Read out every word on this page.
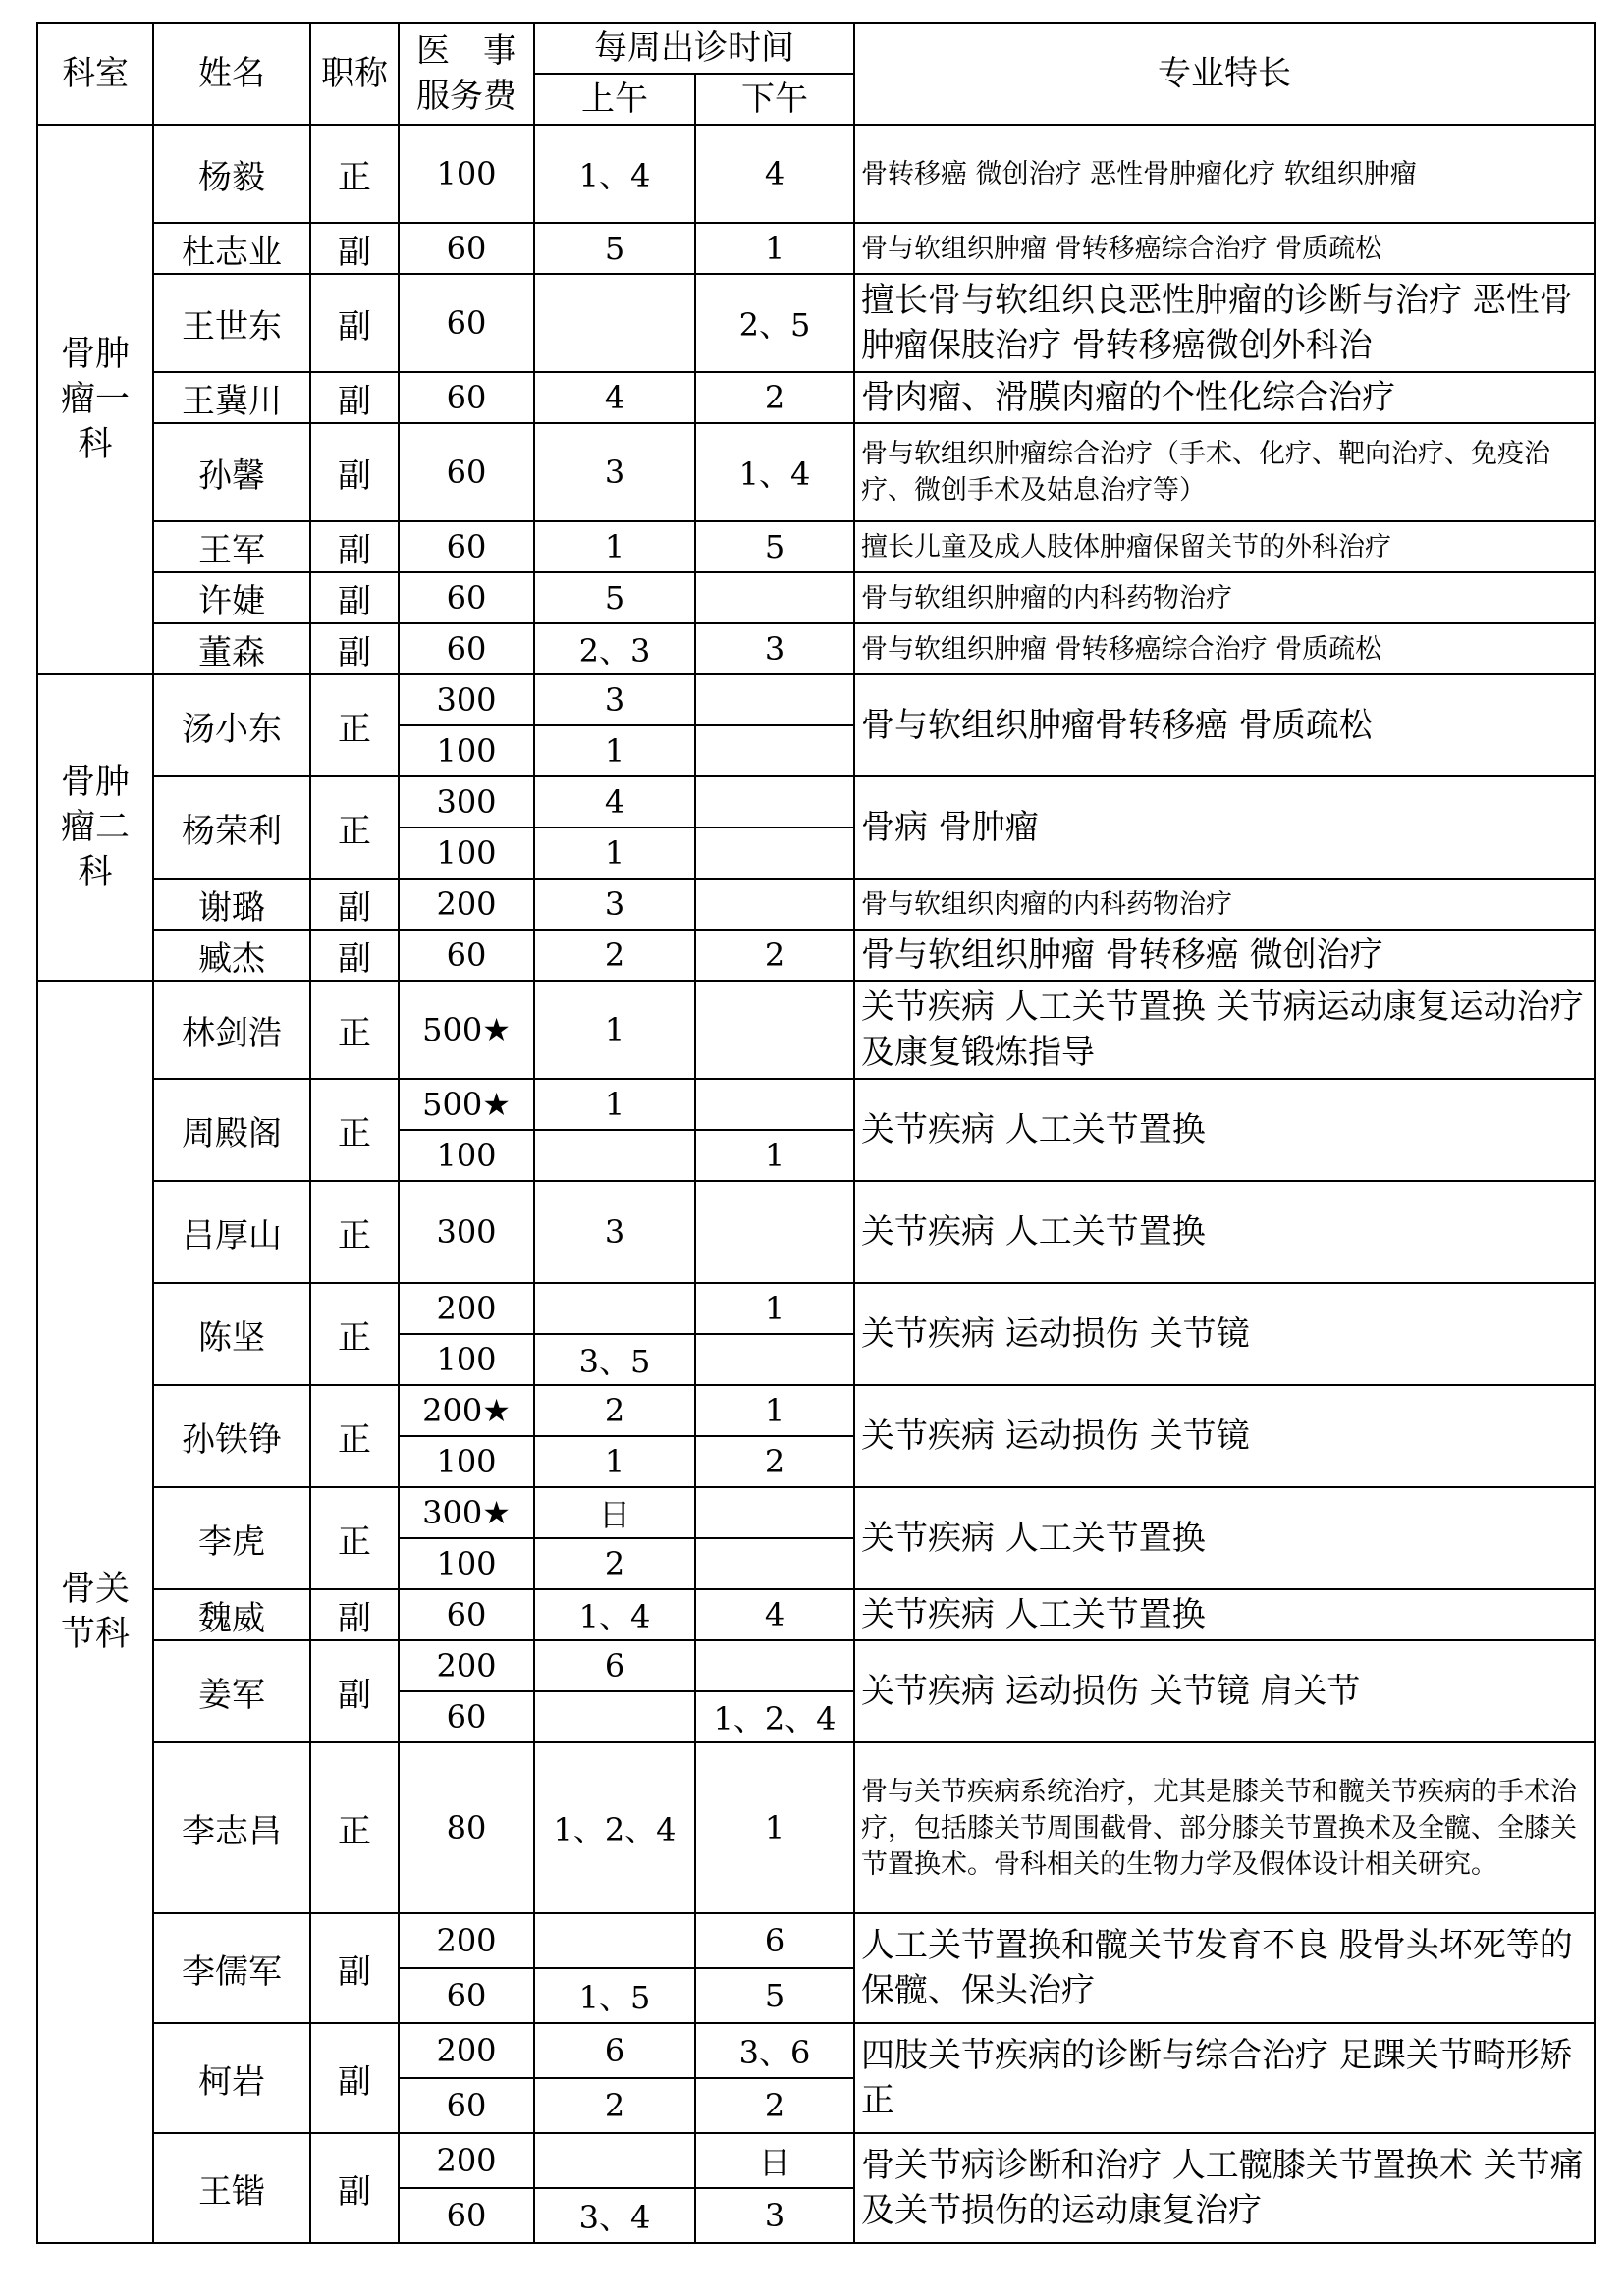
科室	姓名	职称	医　事
服务费	每周出诊时间		专业特长
				上午	下午	
骨肿瘤一科	杨毅	正	100	1、4	4	骨转移癌 微创治疗 恶性骨肿瘤化疗 软组织肿瘤
	杜志业	副	60	5	1	骨与软组织肿瘤 骨转移癌综合治疗 骨质疏松
	王世东	副	60		2、5	擅长骨与软组织良恶性肿瘤的诊断与治疗 恶性骨肿瘤保肢治疗 骨转移癌微创外科治
	王冀川	副	60	4	2	骨肉瘤、滑膜肉瘤的个性化综合治疗
	孙馨	副	60	3	1、4	骨与软组织肿瘤综合治疗（手术、化疗、靶向治疗、免疫治疗、微创手术及姑息治疗等）
	王军	副	60	1	5	擅长儿童及成人肢体肿瘤保留关节的外科治疗
	许婕	副	60	5		骨与软组织肿瘤的内科药物治疗
	董森	副	60	2、3	3	骨与软组织肿瘤 骨转移癌综合治疗 骨质疏松
骨肿瘤二科	汤小东	正	300	3		骨与软组织肿瘤骨转移癌 骨质疏松
			100	1		
	杨荣利	正	300	4		骨病 骨肿瘤
			100	1		
	谢璐	副	200	3		骨与软组织肉瘤的内科药物治疗
	臧杰	副	60	2	2	骨与软组织肿瘤 骨转移癌 微创治疗
骨关节科	林剑浩	正	500★	1		关节疾病 人工关节置换 关节病运动康复运动治疗及康复锻炼指导
	周殿阁	正	500★	1		关节疾病 人工关节置换
			100		1	
	吕厚山	正	300	3		关节疾病 人工关节置换
	陈坚	正	200		1	关节疾病 运动损伤 关节镜
			100	3、5		
	孙铁铮	正	200★	2	1	关节疾病 运动损伤 关节镜
			100	1	2	
	李虎	正	300★	日		关节疾病 人工关节置换
			100	2		
	魏威	副	60	1、4	4	关节疾病 人工关节置换
	姜军	副	200	6		关节疾病 运动损伤 关节镜 肩关节
			60		1、2、4	
	李志昌	正	80	1、2、4	1	骨与关节疾病系统治疗，尤其是膝关节和髋关节疾病的手术治疗，包括膝关节周围截骨、部分膝关节置换术及全髋、全膝关节置换术。骨科相关的生物力学及假体设计相关研究。
	李儒军	副	200		6	人工关节置换和髋关节发育不良 股骨头坏死等的保髋、保头治疗
			60	1、5	5	
	柯岩	副	200	6	3、6	四肢关节疾病的诊断与综合治疗 足踝关节畸形矫正
			60	2	2	
	王锴	副	200		日	骨关节病诊断和治疗 人工髋膝关节置换术 关节痛及关节损伤的运动康复治疗
			60	3、4	3	
